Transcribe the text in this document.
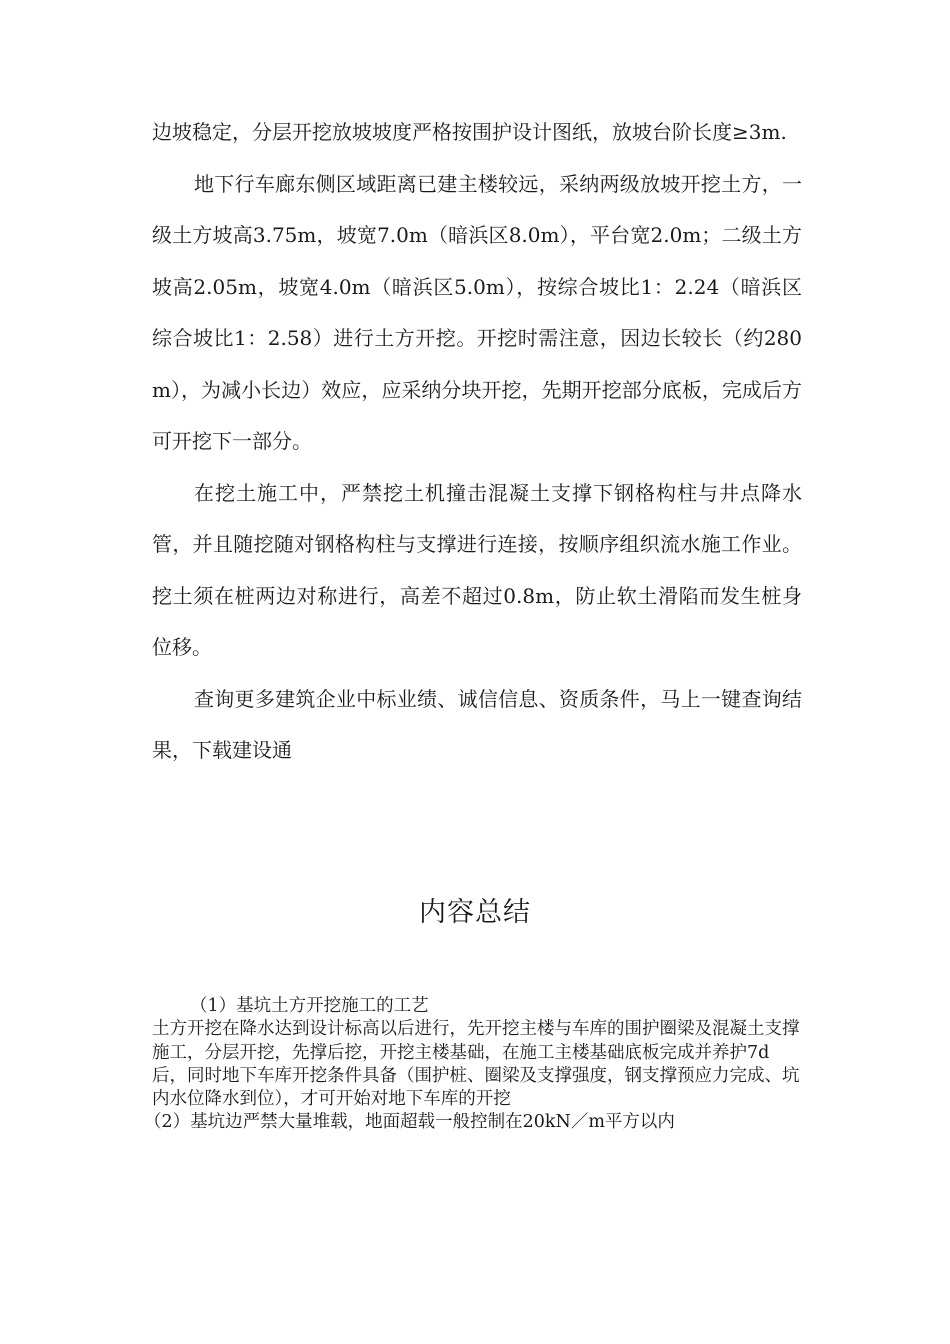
边坡稳定，分层开挖放坡坡度严格按围护设计图纸，放坡台阶长度≥3m.

地下行车廊东侧区域距离已建主楼较远，采纳两级放坡开挖土方，一级土方坡高3.75m，坡宽7.0m（暗浜区8.0m），平台宽2.0m；二级土方坡高2.05m，坡宽4.0m（暗浜区5.0m），按综合坡比1：2.24（暗浜区综合坡比1：2.58）进行土方开挖。开挖时需注意，因边长较长（约280m），为减小长边）效应，应采纳分块开挖，先期开挖部分底板，完成后方可开挖下一部分。

在挖土施工中，严禁挖土机撞击混凝土支撑下钢格构柱与井点降水管，并且随挖随对钢格构柱与支撑进行连接，按顺序组织流水施工作业。挖土须在桩两边对称进行，高差不超过0.8m，防止软土滑陷而发生桩身位移。

查询更多建筑企业中标业绩、诚信信息、资质条件，马上一键查询结果，下载建设通

内容总结

（1）基坑土方开挖施工的工艺

土方开挖在降水达到设计标高以后进行，先开挖主楼与车库的围护圈梁及混凝土支撑施工，分层开挖，先撑后挖，开挖主楼基础，在施工主楼基础底板完成并养护7d后，同时地下车库开挖条件具备（围护桩、圈梁及支撑强度，钢支撑预应力完成、坑内水位降水到位），才可开始对地下车库的开挖

（2）基坑边严禁大量堆载，地面超载一般控制在20kN／m平方以内
